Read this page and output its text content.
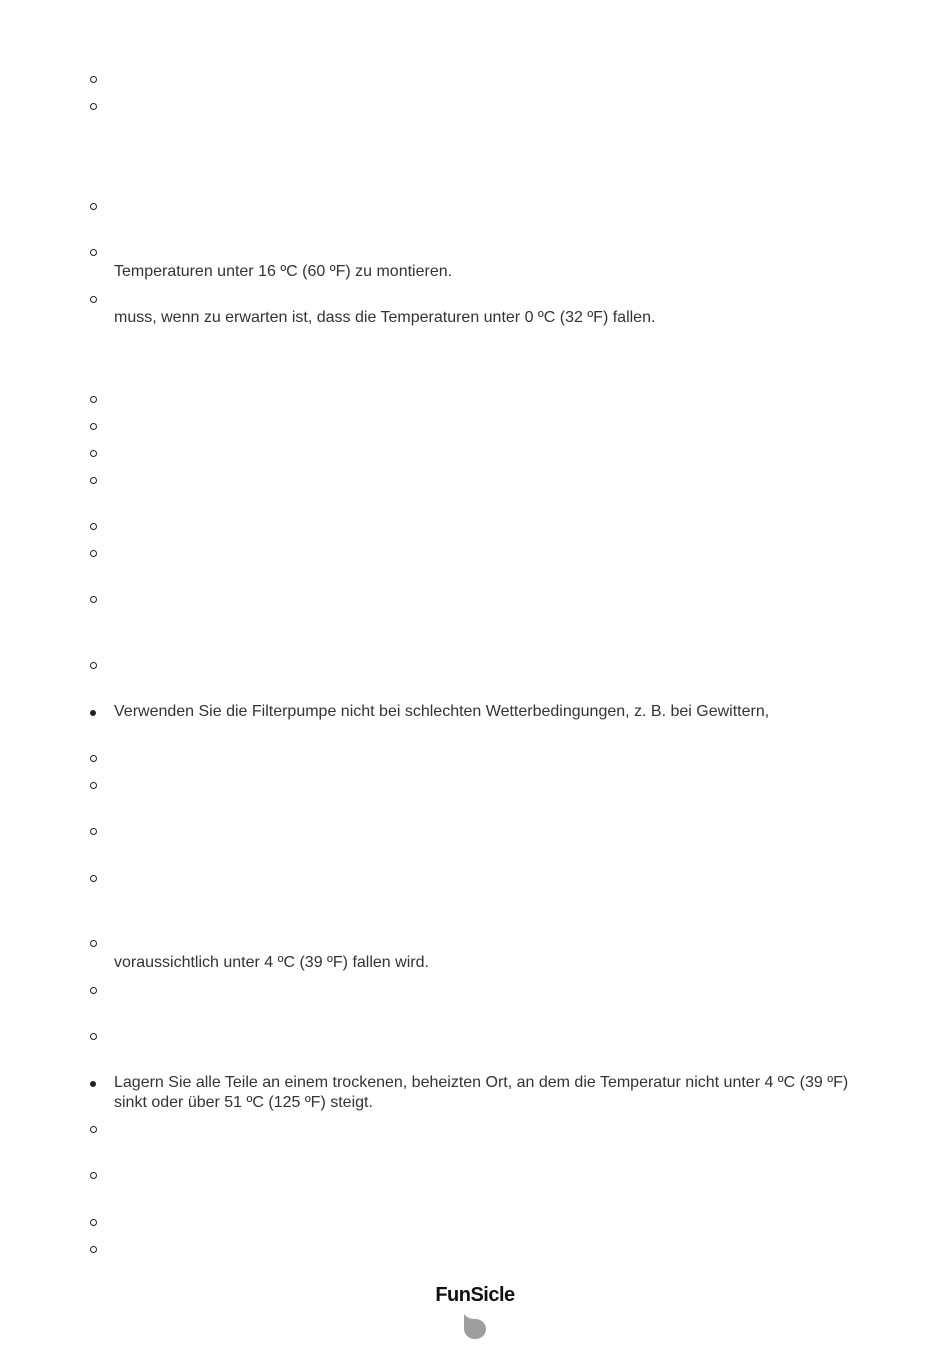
Temperaturen unter 16 ºC (60 ºF) zu montieren.
muss, wenn zu erwarten ist, dass die Temperaturen unter 0 ºC (32 ºF) fallen.
Verwenden Sie die Filterpumpe nicht bei schlechten Wetterbedingungen, z. B. bei Gewittern,
voraussichtlich unter 4 ºC (39 ºF) fallen wird.
Lagern Sie alle Teile an einem trockenen, beheizten Ort, an dem die Temperatur nicht unter 4 ºC (39 ºF)
sinkt oder über 51 ºC (125 ºF) steigt.
FunSicle
